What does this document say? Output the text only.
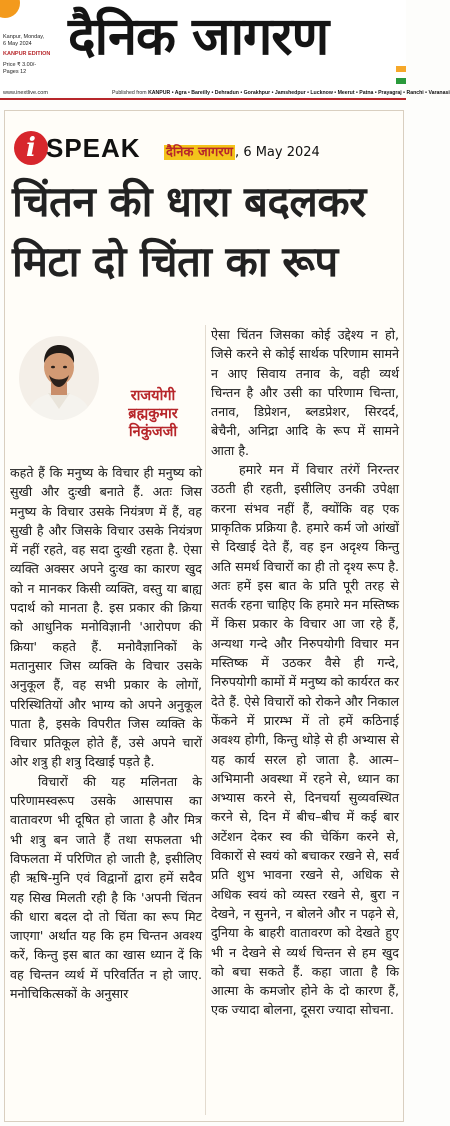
Kanpur, Monday,
6 May 2024
KANPUR EDITION
Price ₹ 3.00/-
Pages 12
दैनिक जागरण
www.inextlive.com	Published from KANPUR • Agra • Bareilly • Dehradun • Gorakhpur • Jamshedpur • Lucknow • Meerut • Patna • Prayagraj • Ranchi • Varanasi
i SPEAK दैनिक जागरण , 6 May 2024
चिंतन की धारा बदलकर
मिटा दो चिंता का रूप
राजयोगी
ब्रह्मकुमार
निकुंजजी

ऐसा चिंतन जिसका कोई उद्देश्य न हो, जिसे करने से कोई सार्थक परिणाम सामने न आए सिवाय तनाव के, वही व्यर्थ चिन्तन है और उसी का परिणाम चिन्ता, तनाव, डिप्रेशन, ब्लडप्रेशर, सिरदर्द, बेचैनी, अनिद्रा आदि के रूप में सामने आता है.

हमारे मन में विचार तरंगें निरन्तर उठती ही रहती, इसीलिए उनकी उपेक्षा करना संभव नहीं हैं, क्योंकि वह एक प्राकृतिक प्रक्रिया है. हमारे कर्म जो आंखों से दिखाई देते हैं, वह इन अदृश्य किन्तु अति समर्थ विचारों का ही तो दृश्य रूप है. अतः हमें इस बात के प्रति पूरी तरह से सतर्क रहना चाहिए कि हमारे मन मस्तिष्क में किस प्रकार के विचार आ जा रहे हैं, अन्यथा गन्दे और निरुपयोगी विचार मन मस्तिष्क में उठकर वैसे ही गन्दे, निरुपयोगी कामों में मनुष्य को कार्यरत कर देते हैं. ऐसे विचारों को रोकने और निकाल फेंकने में प्रारम्भ में तो हमें कठिनाई अवश्य होगी, किन्तु थोड़े से ही अभ्यास से यह कार्य सरल हो जाता है. आत्म–अभिमानी अवस्था में रहने से, ध्यान का अभ्यास करने से, दिनचर्या सुव्यवस्थित करने से, दिन में बीच–बीच में कई बार अटेंशन देकर स्व की चेकिंग करने से, विकारों से स्वयं को बचाकर रखने से, सर्व प्रति शुभ भावना रखने से, अधिक से अधिक स्वयं को व्यस्त रखने से, बुरा न देखने, न सुनने, न बोलने और न पढ़ने से, दुनिया के बाहरी वातावरण को देखते हुए भी न देखने से व्यर्थ चिन्तन से हम खुद को बचा सकते हैं. कहा जाता है कि आत्मा के कमजोर होने के दो कारण हैं, एक ज्यादा बोलना, दूसरा ज्यादा सोचना.

कहते हैं कि मनुष्य के विचार ही मनुष्य को सुखी और दुःखी बनाते हैं. अतः जिस मनुष्य के विचार उसके नियंत्रण में हैं, वह सुखी है और जिसके विचार उसके नियंत्रण में नहीं रहते, वह सदा दुःखी रहता है. ऐसा व्यक्ति अक्सर अपने दुःख का कारण खुद को न मानकर किसी व्यक्ति, वस्तु या बाह्य पदार्थ को मानता है. इस प्रकार की क्रिया को आधुनिक मनोविज्ञानी 'आरोपण की क्रिया' कहते हैं. मनोवैज्ञानिकों के मतानुसार जिस व्यक्ति के विचार उसके अनुकूल हैं, वह सभी प्रकार के लोगों, परिस्थितियों और भाग्य को अपने अनुकूल पाता है, इसके विपरीत जिस व्यक्ति के विचार प्रतिकूल होते हैं, उसे अपने चारों ओर शत्रु ही शत्रु दिखाई पड़ते है.

विचारों की यह मलिनता के परिणामस्वरूप उसके आसपास का वातावरण भी दूषित हो जाता है और मित्र भी शत्रु बन जाते हैं तथा सफलता भी विफलता में परिणित हो जाती है, इसीलिए ही ऋषि-मुनि एवं विद्वानों द्वारा हमें सदैव यह सिख मिलती रही है कि 'अपनी चिंतन की धारा बदल दो तो चिंता का रूप मिट जाएगा' अर्थात यह कि हम चिन्तन अवश्य करें, किन्तु इस बात का खास ध्यान दें कि वह चिन्तन व्यर्थ में परिवर्तित न हो जाए. मनोचिकित्सकों के अनुसार
